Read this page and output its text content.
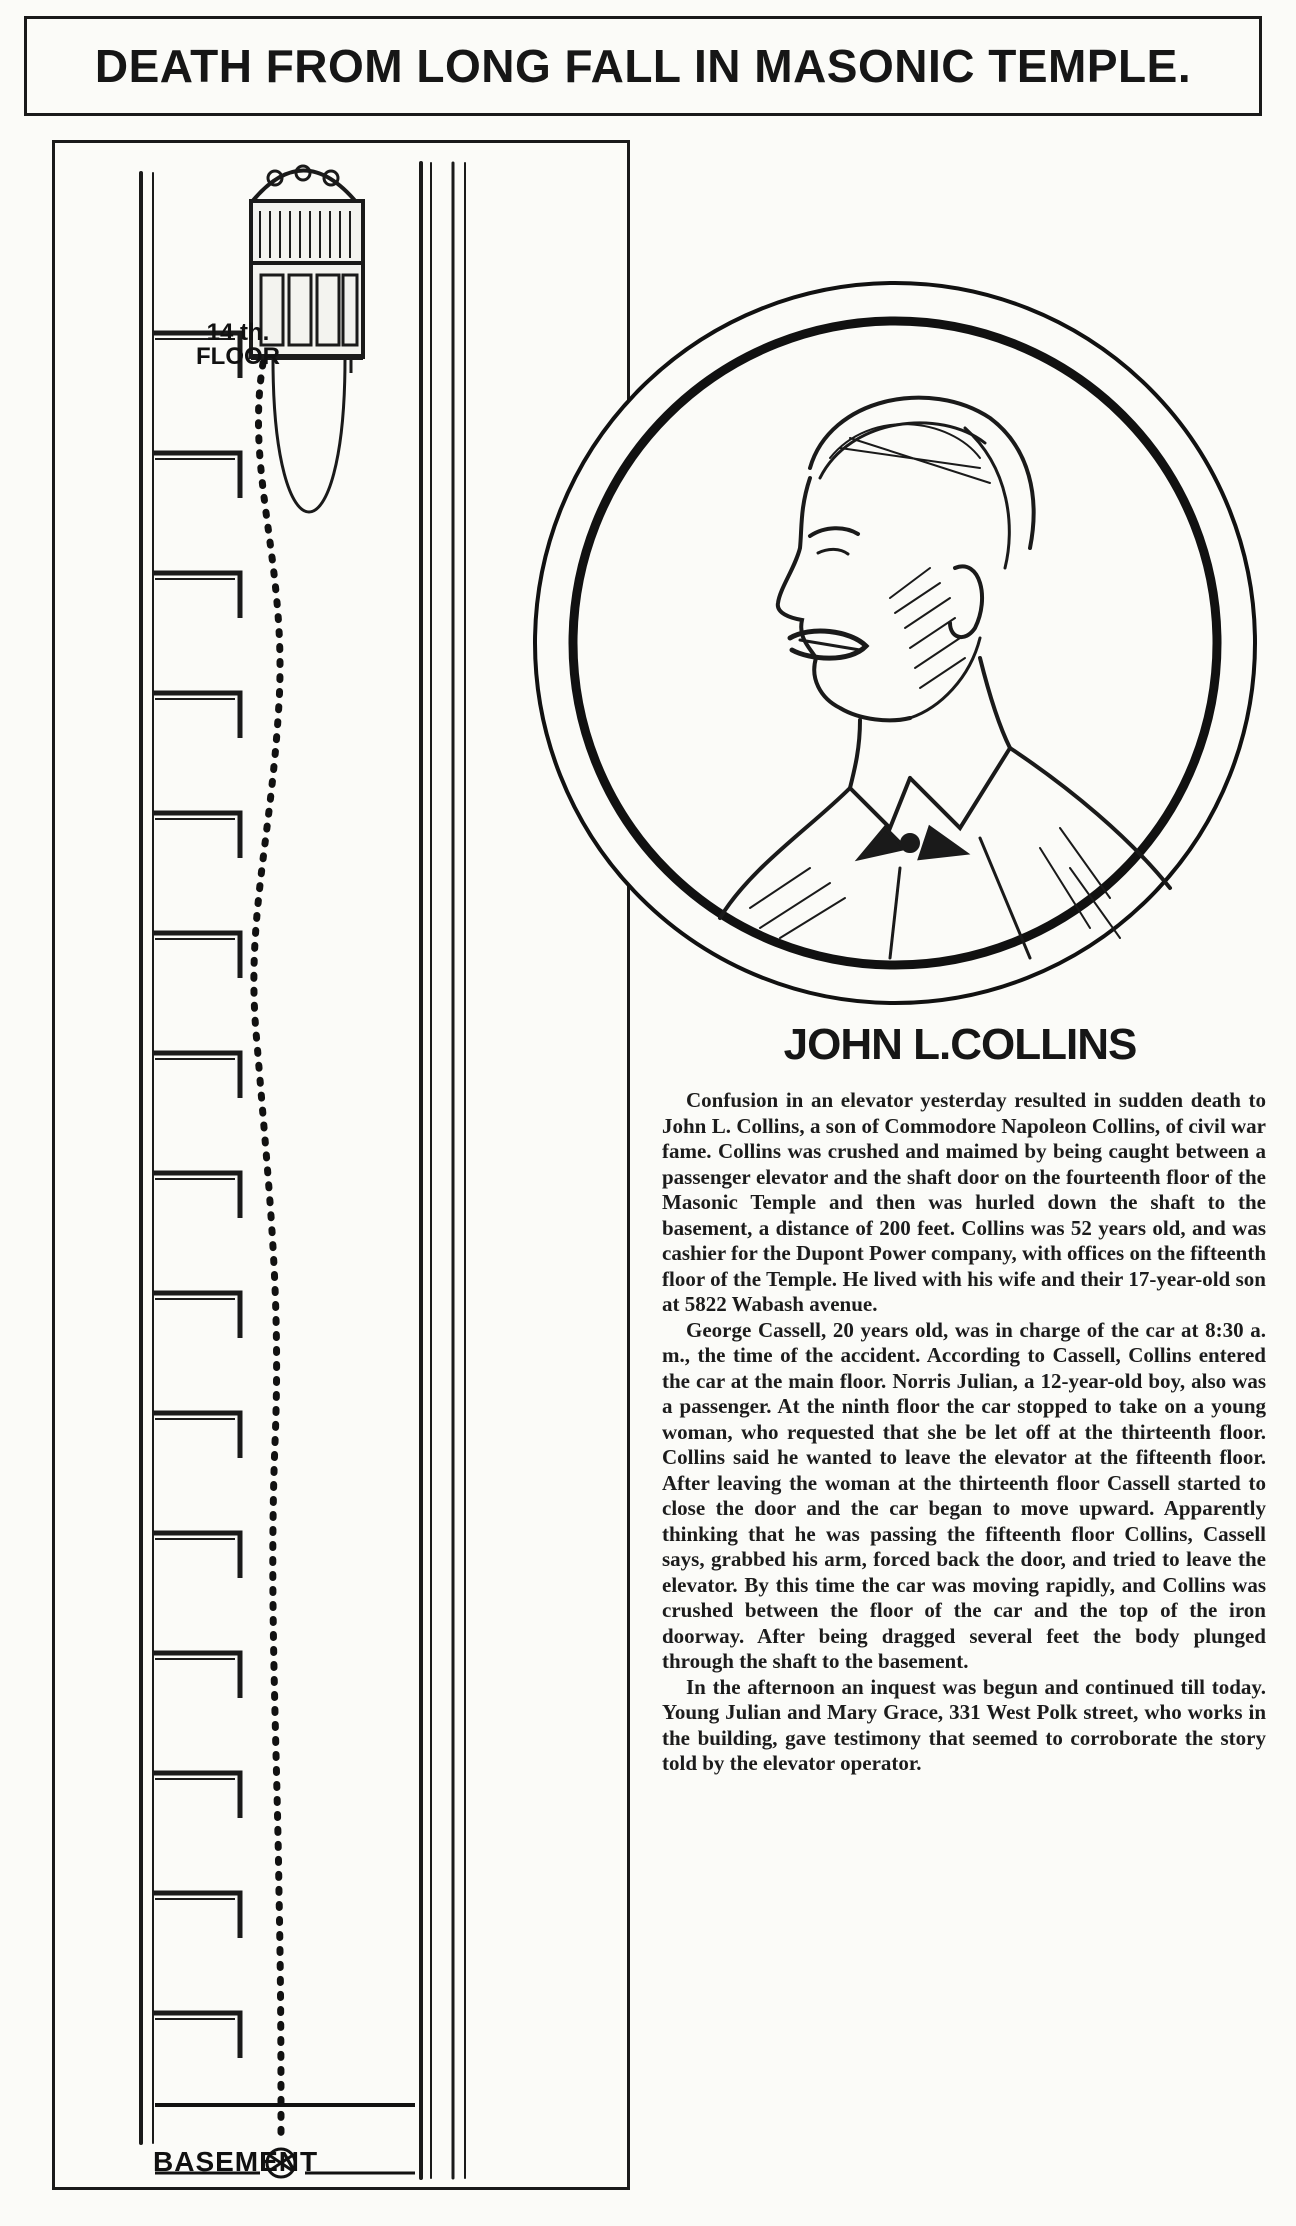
DEATH FROM LONG FALL IN MASONIC TEMPLE.
14 th.
FLOOR
BASEMENT
JOHN L.COLLINS

Confusion in an elevator yesterday resulted in sudden death to John L. Collins, a son of Commodore Napoleon Collins, of civil war fame. Collins was crushed and maimed by being caught between a passenger elevator and the shaft door on the fourteenth floor of the Masonic Temple and then was hurled down the shaft to the basement, a distance of 200 feet. Collins was 52 years old, and was cashier for the Dupont Power company, with offices on the fifteenth floor of the Temple. He lived with his wife and their 17-year-old son at 5822 Wabash avenue.

George Cassell, 20 years old, was in charge of the car at 8:30 a. m., the time of the accident. According to Cassell, Collins entered the car at the main floor. Norris Julian, a 12-year-old boy, also was a passenger. At the ninth floor the car stopped to take on a young woman, who requested that she be let off at the thirteenth floor. Collins said he wanted to leave the elevator at the fifteenth floor. After leaving the woman at the thirteenth floor Cassell started to close the door and the car began to move upward. Apparently thinking that he was passing the fifteenth floor Collins, Cassell says, grabbed his arm, forced back the door, and tried to leave the elevator. By this time the car was moving rapidly, and Collins was crushed between the floor of the car and the top of the iron doorway. After being dragged several feet the body plunged through the shaft to the basement.

In the afternoon an inquest was begun and continued till today. Young Julian and Mary Grace, 331 West Polk street, who works in the building, gave testimony that seemed to corroborate the story told by the elevator operator.
